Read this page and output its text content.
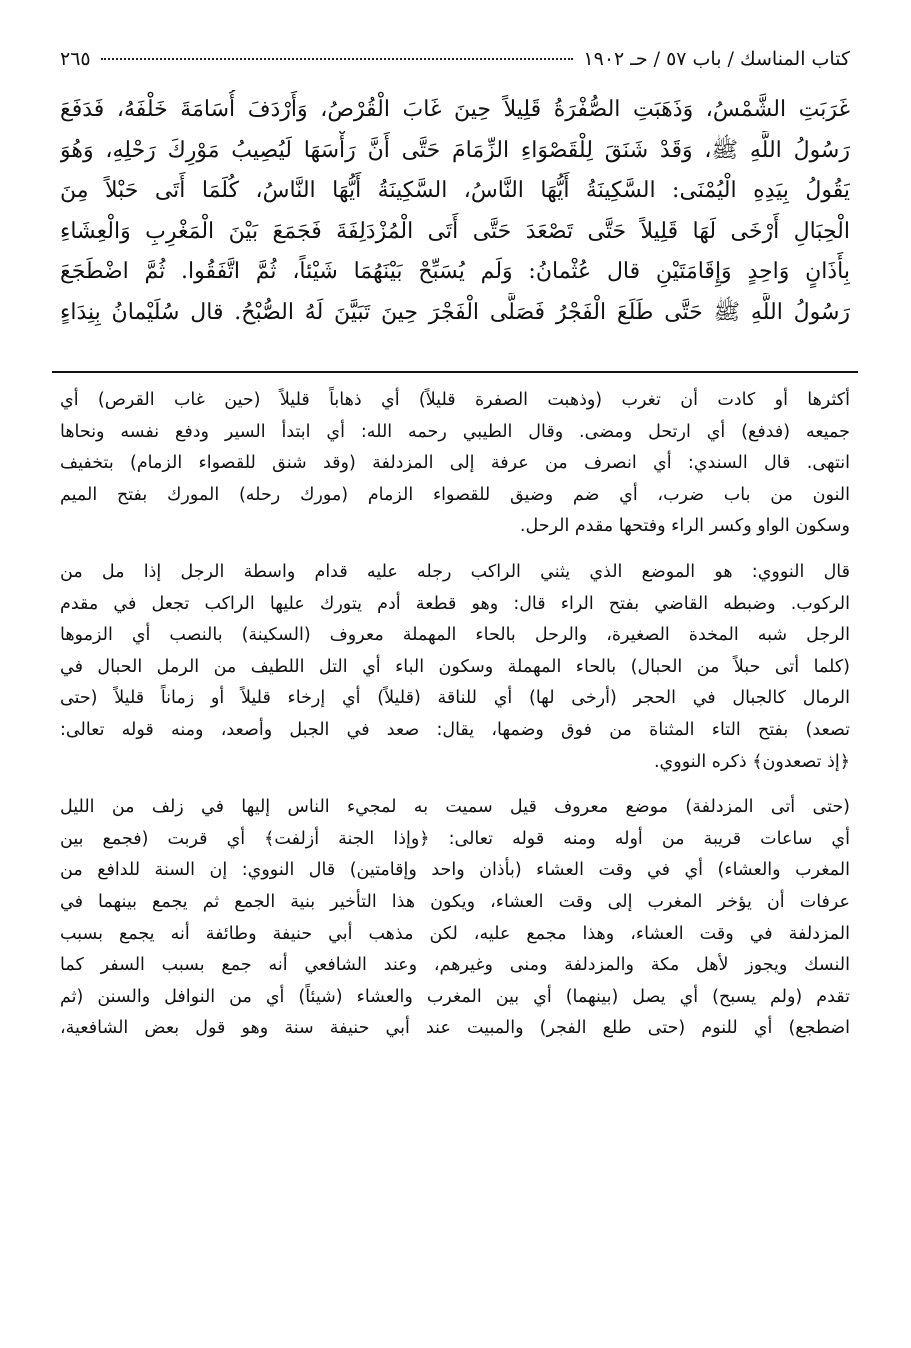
كتاب المناسك / باب ٥٧ / حـ ١٩٠٢
٢٦٥
غَرَبَتِ الشَّمْسُ، وَذَهَبَتِ الصُّفْرَةُ قَلِيلاً حِينَ غَابَ الْقُرْصُ، وَأَرْدَفَ أُسَامَةَ خَلْفَهُ، فَدَفَعَ
رَسُولُ اللَّهِ ﷺ، وَقَدْ شَنَقَ لِلْقَصْوَاءِ الزِّمَامَ حَتَّى أَنَّ رَأْسَهَا لَيُصِيبُ مَوْرِكَ رَحْلِهِ، وَهُوَ
يَقُولُ بِيَدِهِ الْيُمْنَى: السَّكِينَةُ أَيُّهَا النَّاسُ، السَّكِينَةُ أَيُّهَا النَّاسُ، كُلَمَا أَتَى حَبْلاً مِنَ
الْحِبَالِ أَرْخَى لَهَا قَلِيلاً حَتَّى تَصْعَدَ حَتَّى أَتَى الْمُزْدَلِفَةَ فَجَمَعَ بَيْنَ الْمَغْرِبِ وَالْعِشَاءِ
بِأَذَانٍ وَاحِدٍ وَإِقَامَتَيْنِ قال عُثْمانُ: وَلَم يُسَبِّحْ بَيْنَهُمَا شَيْئاً، ثُمَّ اتَّفَقُوا. ثُمَّ اضْطَجَعَ
رَسُولُ اللَّهِ ﷺ حَتَّى طَلَعَ الْفَجْرُ فَصَلَّى الْفَجْرَ حِينَ تَبَيَّنَ لَهُ الصُّبْحُ. قال سُلَيْمانُ بِنِدَاءٍ
أكثرها أو كادت أن تغرب (وذهبت الصفرة قليلاً) أي ذهاباً قليلاً (حين غاب القرص) أي
جميعه (فدفع) أي ارتحل ومضى. وقال الطيبي رحمه الله: أي ابتدأ السير ودفع نفسه ونحاها
انتهى. قال السندي: أي انصرف من عرفة إلى المزدلفة (وقد شنق للقصواء الزمام) بتخفيف
النون من باب ضرب، أي ضم وضيق للقصواء الزمام (مورك رحله) المورك بفتح الميم
وسكون الواو وكسر الراء وفتحها مقدم الرحل.
قال النووي: هو الموضع الذي يثني الراكب رجله عليه قدام واسطة الرجل إذا مل من
الركوب. وضبطه القاضي بفتح الراء قال: وهو قطعة أدم يتورك عليها الراكب تجعل في مقدم
الرجل شبه المخدة الصغيرة، والرحل بالحاء المهملة معروف (السكينة) بالنصب أي الزموها
(كلما أتى حبلاً من الحبال) بالحاء المهملة وسكون الباء أي التل اللطيف من الرمل الحبال في
الرمال كالجبال في الحجر (أرخى لها) أي للناقة (قليلاً) أي إرخاء قليلاً أو زماناً قليلاً (حتى
تصعد) بفتح التاء المثناة من فوق وضمها، يقال: صعد في الجبل وأصعد، ومنه قوله تعالى:
﴿إذ تصعدون﴾ ذكره النووي.
(حتى أتى المزدلفة) موضع معروف قيل سميت به لمجيء الناس إليها في زلف من الليل
أي ساعات قريبة من أوله ومنه قوله تعالى: ﴿وإذا الجنة أزلفت﴾ أي قربت (فجمع بين
المغرب والعشاء) أي في وقت العشاء (بأذان واحد وإقامتين) قال النووي: إن السنة للدافع من
عرفات أن يؤخر المغرب إلى وقت العشاء، ويكون هذا التأخير بنية الجمع ثم يجمع بينهما في
المزدلفة في وقت العشاء، وهذا مجمع عليه، لكن مذهب أبي حنيفة وطائفة أنه يجمع بسبب
النسك ويجوز لأهل مكة والمزدلفة ومنى وغيرهم، وعند الشافعي أنه جمع بسبب السفر كما
تقدم (ولم يسبح) أي يصل (بينهما) أي بين المغرب والعشاء (شيئاً) أي من النوافل والسنن (ثم
اضطجع) أي للنوم (حتى طلع الفجر) والمبيت عند أبي حنيفة سنة وهو قول بعض الشافعية،
